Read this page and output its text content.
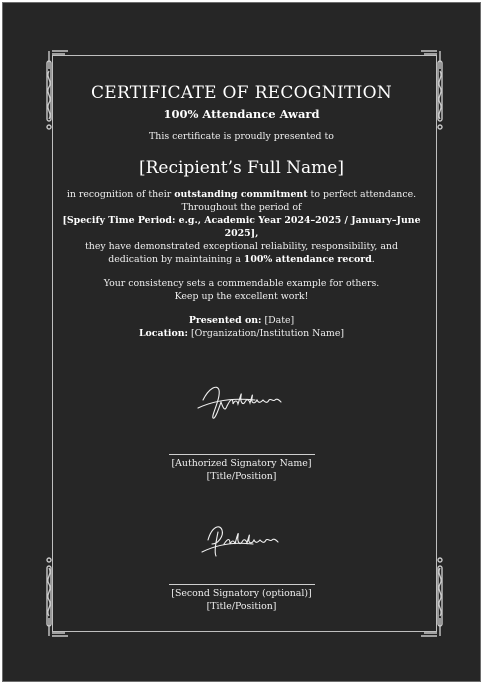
CERTIFICATE OF RECOGNITION
100% Attendance Award
This certificate is proudly presented to
[Recipient’s Full Name]
in recognition of their outstanding commitment to perfect attendance.
Throughout the period of
[Specify Time Period: e.g., Academic Year 2024–2025 / January–June
2025],
they have demonstrated exceptional reliability, responsibility, and
dedication by maintaining a 100% attendance record.
Your consistency sets a commendable example for others.
Keep up the excellent work!
Presented on: [Date]
Location: [Organization/Institution Name]
[Authorized Signatory Name]
[Title/Position]
[Second Signatory (optional)]
[Title/Position]
